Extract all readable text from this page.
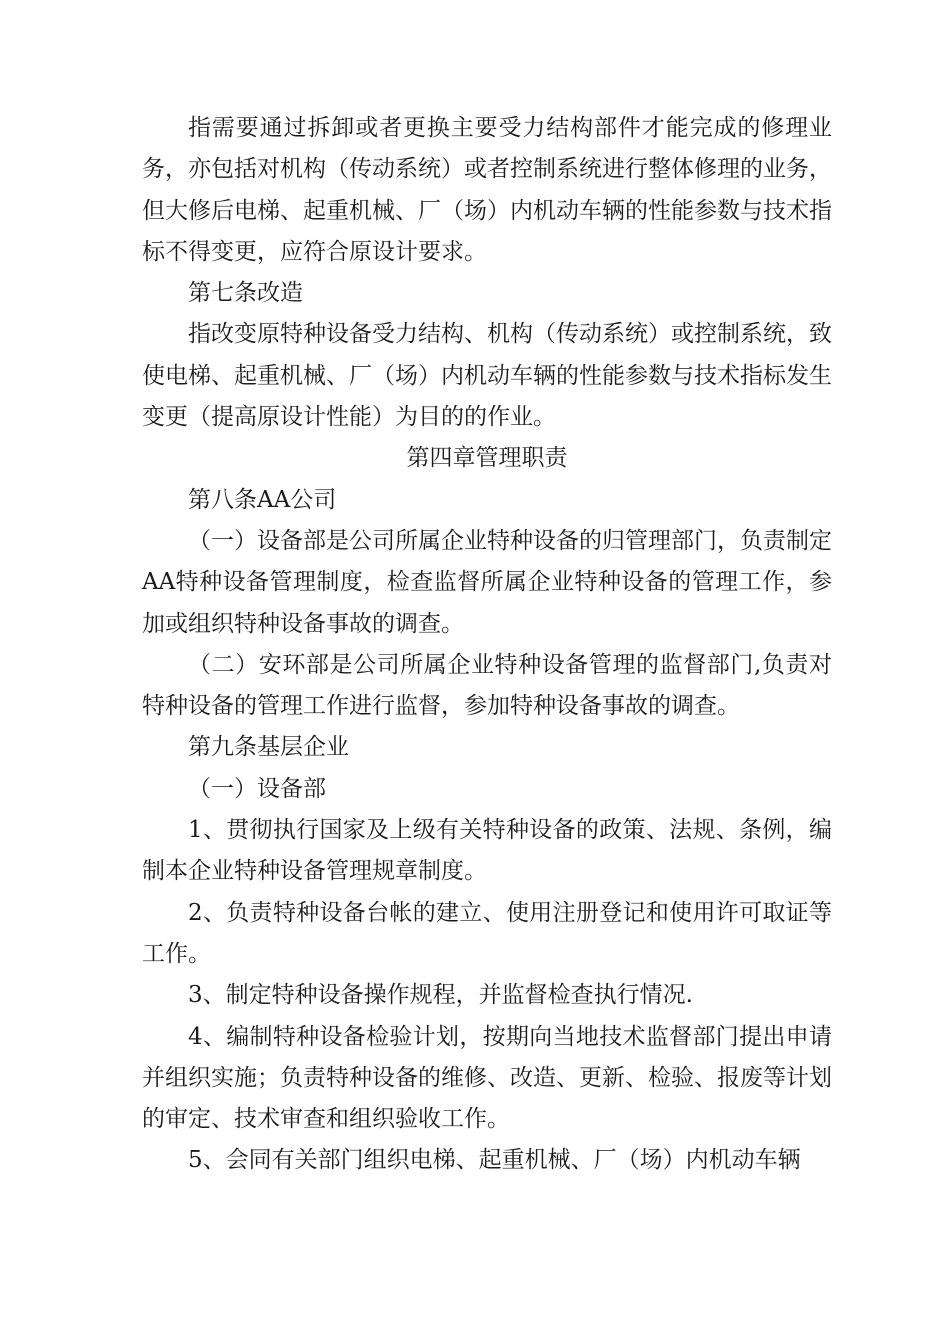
指需要通过拆卸或者更换主要受力结构部件才能完成的修理业务，亦包括对机构（传动系统）或者控制系统进行整体修理的业务，但大修后电梯、起重机械、厂（场）内机动车辆的性能参数与技术指标不得变更，应符合原设计要求。

第七条改造

指改变原特种设备受力结构、机构（传动系统）或控制系统，致使电梯、起重机械、厂（场）内机动车辆的性能参数与技术指标发生变更（提高原设计性能）为目的的作业。

第四章管理职责

第八条AA公司

（一）设备部是公司所属企业特种设备的归管理部门，负责制定AA特种设备管理制度，检查监督所属企业特种设备的管理工作，参加或组织特种设备事故的调查。

（二）安环部是公司所属企业特种设备管理的监督部门,负责对特种设备的管理工作进行监督，参加特种设备事故的调查。

第九条基层企业

（一）设备部

1、贯彻执行国家及上级有关特种设备的政策、法规、条例，编制本企业特种设备管理规章制度。

2、负责特种设备台帐的建立、使用注册登记和使用许可取证等工作。

3、制定特种设备操作规程，并监督检查执行情况.

4、编制特种设备检验计划，按期向当地技术监督部门提出申请并组织实施；负责特种设备的维修、改造、更新、检验、报废等计划的审定、技术审查和组织验收工作。

5、会同有关部门组织电梯、起重机械、厂（场）内机动车辆
